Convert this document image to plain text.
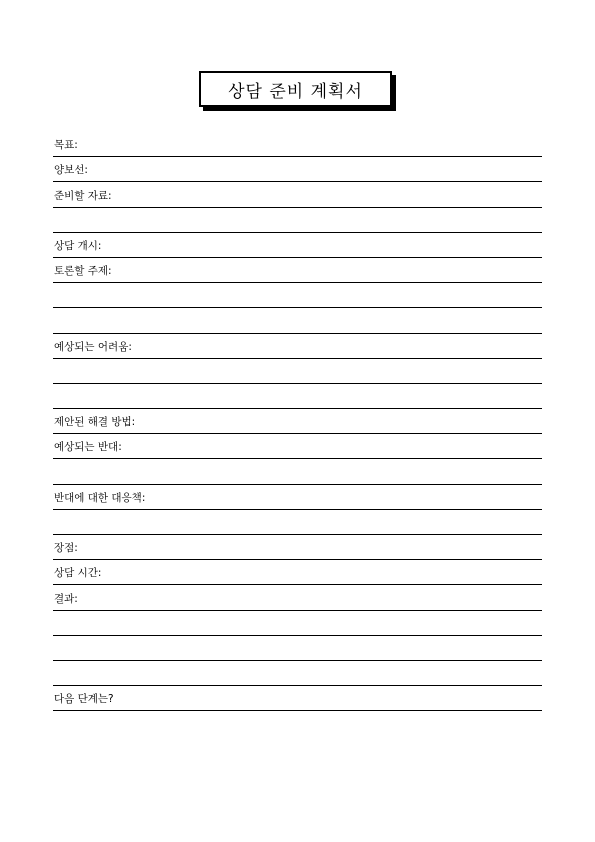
상담 준비 계획서
목표:
양보선:
준비할 자료:
상담 개시:
토론할 주제:
예상되는 어려움:
제안된 해결 방법:
예상되는 반대:
반대에 대한 대응책:
장점:
상담 시간:
결과:
다음 단계는?
